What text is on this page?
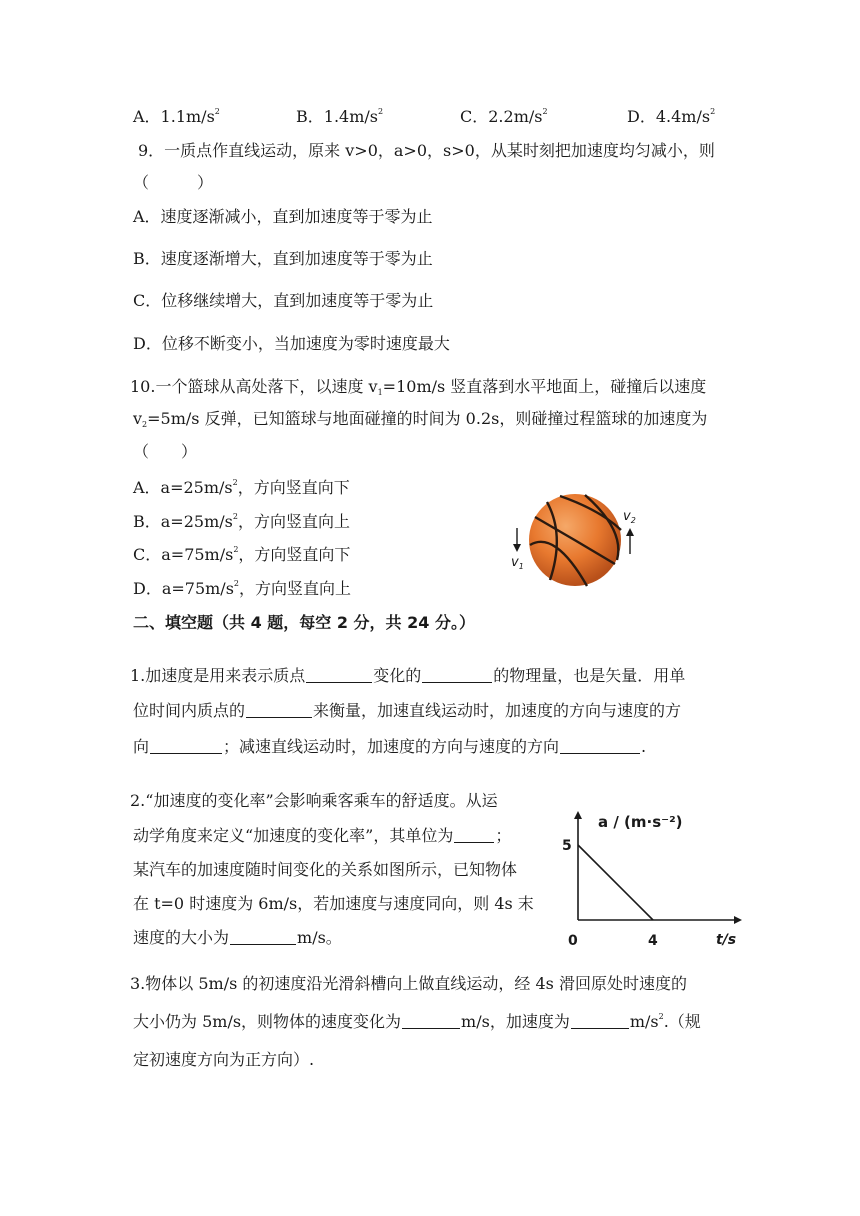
A．$1.1m/s^2$	B．$1.4m/s^2$	C．$2.2m/s^2$	D．$4.4m/s^2$
9．一质点作直线运动，原来 v>0，a>0，s>0，从某时刻把加速度均匀减小，则
（　　　）
A．速度逐渐减小，直到加速度等于零为止
B．速度逐渐增大，直到加速度等于零为止
C．位移继续增大，直到加速度等于零为止
D．位移不断变小，当加速度为零时速度最大
10.一个篮球从高处落下，以速度 $v_1=10m/s$ 竖直落到水平地面上，碰撞后以速度
$v_2=5m/s$ 反弹，已知篮球与地面碰撞的时间为 0.2s，则碰撞过程篮球的加速度为
（　　）
A．$a=25m/s^2$，方向竖直向下
B．$a=25m/s^2$，方向竖直向上
C．$a=75m/s^2$，方向竖直向下
D．$a=75m/s^2$，方向竖直向上
$v_1$
$v_2$
二、填空题（共 4 题，每空 2 分，共 24 分。）
1.加速度是用来表示质点	变化的	的物理量，也是矢量．用单
位时间内质点的	来衡量，加速直线运动时，加速度的方向与速度的方
向	；减速直线运动时，加速度的方向与速度的方向	.
2.“加速度的变化率”会影响乘客乘车的舒适度。从运
动学角度来定义“加速度的变化率”，其单位为	；
某汽车的加速度随时间变化的关系如图所示，已知物体
在 t=0 时速度为 6m/s，若加速度与速度同向，则 4s 末
速度的大小为	m/s。
a / (m·s⁻²)
t/s
0
5
4
3.物体以 5m/s 的初速度沿光滑斜槽向上做直线运动，经 4s 滑回原处时速度的
大小仍为 5m/s，则物体的速度变化为	m/s，加速度为	$m/s^2$.（规
定初速度方向为正方向）.
